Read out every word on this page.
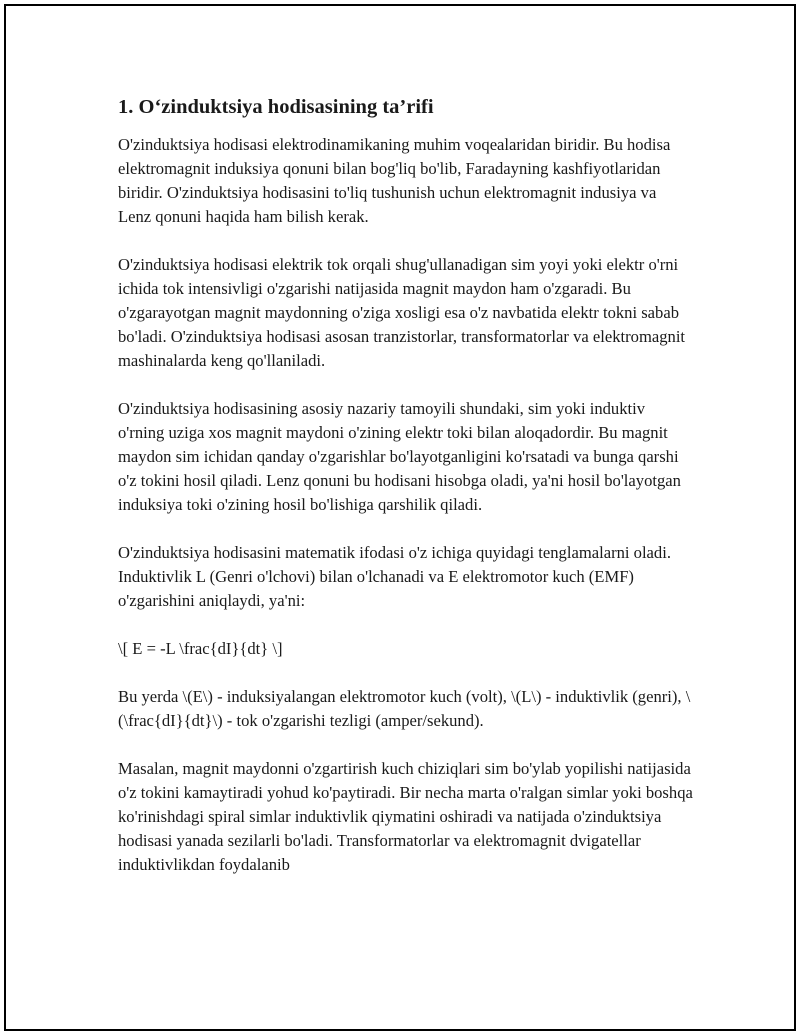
1. O‘zinduktsiya hodisasining ta’rifi

O'zinduktsiya hodisasi elektrodinamikaning muhim voqealaridan biridir. Bu hodisa elektromagnit induksiya qonuni bilan bog'liq bo'lib, Faradayning kashfiyotlaridan biridir. O'zinduktsiya hodisasini to'liq tushunish uchun elektromagnit indusiya va Lenz qonuni haqida ham bilish kerak.

O'zinduktsiya hodisasi elektrik tok orqali shug'ullanadigan sim yoyi yoki elektr o'rni ichida tok intensivligi o'zgarishi natijasida magnit maydon ham o'zgaradi. Bu o'zgarayotgan magnit maydonning o'ziga xosligi esa o'z navbatida elektr tokni sabab bo'ladi. O'zinduktsiya hodisasi asosan tranzistorlar, transformatorlar va elektromagnit mashinalarda keng qo'llaniladi.

O'zinduktsiya hodisasining asosiy nazariy tamoyili shundaki, sim yoki induktiv o'rning uziga xos magnit maydoni o'zining elektr toki bilan aloqadordir. Bu magnit maydon sim ichidan qanday o'zgarishlar bo'layotganligini ko'rsatadi va bunga qarshi o'z tokini hosil qiladi. Lenz qonuni bu hodisani hisobga oladi, ya'ni hosil bo'layotgan induksiya toki o'zining hosil bo'lishiga qarshilik qiladi.

O'zinduktsiya hodisasini matematik ifodasi o'z ichiga quyidagi tenglamalarni oladi. Induktivlik L (Genri o'lchovi) bilan o'lchanadi va E elektromotor kuch (EMF) o'zgarishini aniqlaydi, ya'ni:

\[ E = -L \frac{dI}{dt} \]

Bu yerda \(E\) - induksiyalangan elektromotor kuch (volt), \(L\) - induktivlik (genri), \(\frac{dI}{dt}\) - tok o'zgarishi tezligi (amper/sekund).

Masalan, magnit maydonni o'zgartirish kuch chiziqlari sim bo'ylab yopilishi natijasida o'z tokini kamaytiradi yohud ko'paytiradi. Bir necha marta o'ralgan simlar yoki boshqa ko'rinishdagi spiral simlar induktivlik qiymatini oshiradi va natijada o'zinduktsiya hodisasi yanada sezilarli bo'ladi. Transformatorlar va elektromagnit dvigatellar induktivlikdan foydalanib
